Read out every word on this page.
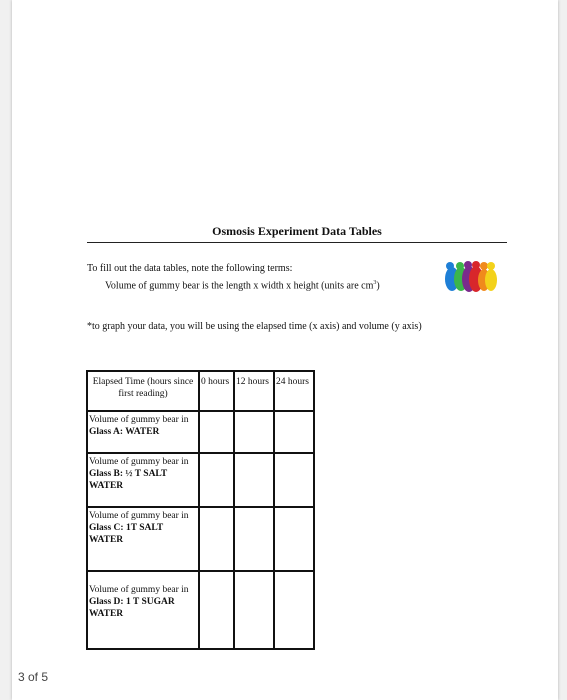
Osmosis Experiment Data Tables
To fill out the data tables, note the following terms:
Volume of gummy bear is the length x width x height (units are $cm^3$)
*to graph your data, you will be using the elapsed time (x axis) and volume (y axis)
Elapsed Time (hours since first reading)	0 hours	12 hours	24 hours
Volume of gummy bear in Glass A: WATER			
Volume of gummy bear in Glass B: ½ T SALT WATER			
Volume of gummy bear in Glass C: 1T SALT WATER			
Volume of gummy bear in Glass D: 1 T SUGAR WATER			
3 of 5
